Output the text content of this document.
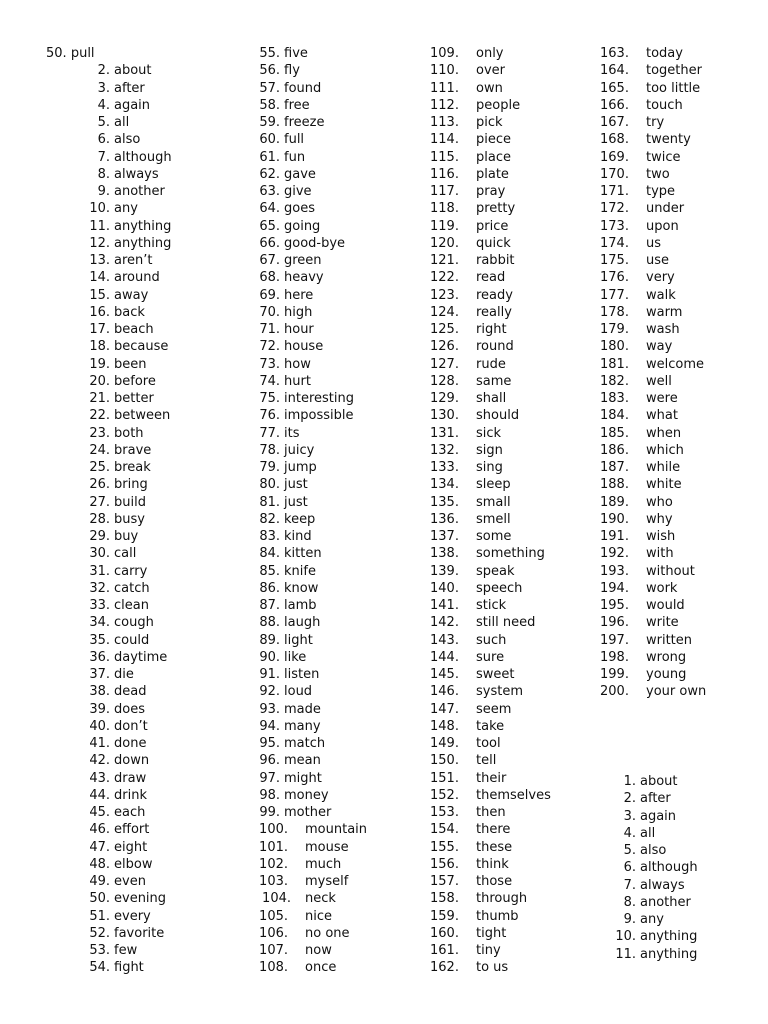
50. pull
2. about
3. after
4. again
5. all
6. also
7. although
8. always
9. another
10. any
11. anything
12. anything
13. aren’t
14. around
15. away
16. back
17. beach
18. because
19. been
20. before
21. better
22. between
23. both
24. brave
25. break
26. bring
27. build
28. busy
29. buy
30. call
31. carry
32. catch
33. clean
34. cough
35. could
36. daytime
37. die
38. dead
39. does
40. don’t
41. done
42. down
43. draw
44. drink
45. each
46. effort
47. eight
48. elbow
49. even
50. evening
51. every
52. favorite
53. few
54. fight
55. five
56. fly
57. found
58. free
59. freeze
60. full
61. fun
62. gave
63. give
64. goes
65. going
66. good-bye
67. green
68. heavy
69. here
70. high
71. hour
72. house
73. how
74. hurt
75. interesting
76. impossible
77. its
78. juicy
79. jump
80. just
81. just
82. keep
83. kind
84. kitten
85. knife
86. know
87. lamb
88. laugh
89. light
90. like
91. listen
92. loud
93. made
94. many
95. match
96. mean
97. might
98. money
99. mother
100.	mountain
101.	mouse
102.	much
103.	myself
104.	neck
105.	nice
106.	no one
107.	now
108.	once
109.	only
110.	over
111.	own
112.	people
113.	pick
114.	piece
115.	place
116.	plate
117.	pray
118.	pretty
119.	price
120.	quick
121.	rabbit
122.	read
123.	ready
124.	really
125.	right
126.	round
127.	rude
128.	same
129.	shall
130.	should
131.	sick
132.	sign
133.	sing
134.	sleep
135.	small
136.	smell
137.	some
138.	something
139.	speak
140.	speech
141.	stick
142.	still need
143.	such
144.	sure
145.	sweet
146.	system
147.	seem
148.	take
149.	tool
150.	tell
151.	their
152.	themselves
153.	then
154.	there
155.	these
156.	think
157.	those
158.	through
159.	thumb
160.	tight
161.	tiny
162.	to us
163.	today
164.	together
165.	too little
166.	touch
167.	try
168.	twenty
169.	twice
170.	two
171.	type
172.	under
173.	upon
174.	us
175.	use
176.	very
177.	walk
178.	warm
179.	wash
180.	way
181.	welcome
182.	well
183.	were
184.	what
185.	when
186.	which
187.	while
188.	white
189.	who
190.	why
191.	wish
192.	with
193.	without
194.	work
195.	would
196.	write
197.	written
198.	wrong
199.	young
200.	your own
1. about
2. after
3. again
4. all
5. also
6. although
7. always
8. another
9. any
10. anything
11. anything
